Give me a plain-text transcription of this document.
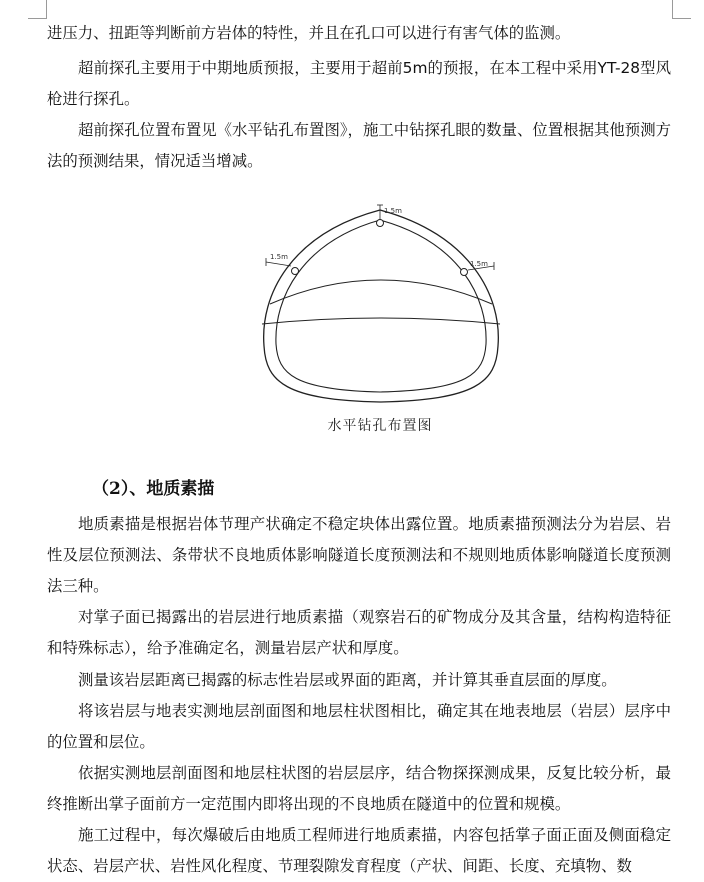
进压力、扭距等判断前方岩体的特性，并且在孔口可以进行有害气体的监测。

超前探孔主要用于中期地质预报，主要用于超前5m的预报，在本工程中采用YT-28型风枪进行探孔。

超前探孔位置布置见《水平钻孔布置图》，施工中钻探孔眼的数量、位置根据其他预测方法的预测结果，情况适当增减。

1.5m
1.5m
1.5m
水平钻孔布置图

（2）、地质素描

地质素描是根据岩体节理产状确定不稳定块体出露位置。地质素描预测法分为岩层、岩性及层位预测法、条带状不良地质体影响隧道长度预测法和不规则地质体影响隧道长度预测法三种。

对掌子面已揭露出的岩层进行地质素描（观察岩石的矿物成分及其含量，结构构造特征和特殊标志），给予准确定名，测量岩层产状和厚度。

测量该岩层距离已揭露的标志性岩层或界面的距离，并计算其垂直层面的厚度。

将该岩层与地表实测地层剖面图和地层柱状图相比，确定其在地表地层（岩层）层序中的位置和层位。

依据实测地层剖面图和地层柱状图的岩层层序，结合物探探测成果，反复比较分析，最终推断出掌子面前方一定范围内即将出现的不良地质在隧道中的位置和规模。

施工过程中，每次爆破后由地质工程师进行地质素描，内容包括掌子面正面及侧面稳定状态、岩层产状、岩性风化程度、节理裂隙发育程度（产状、间距、长度、充填物、数
